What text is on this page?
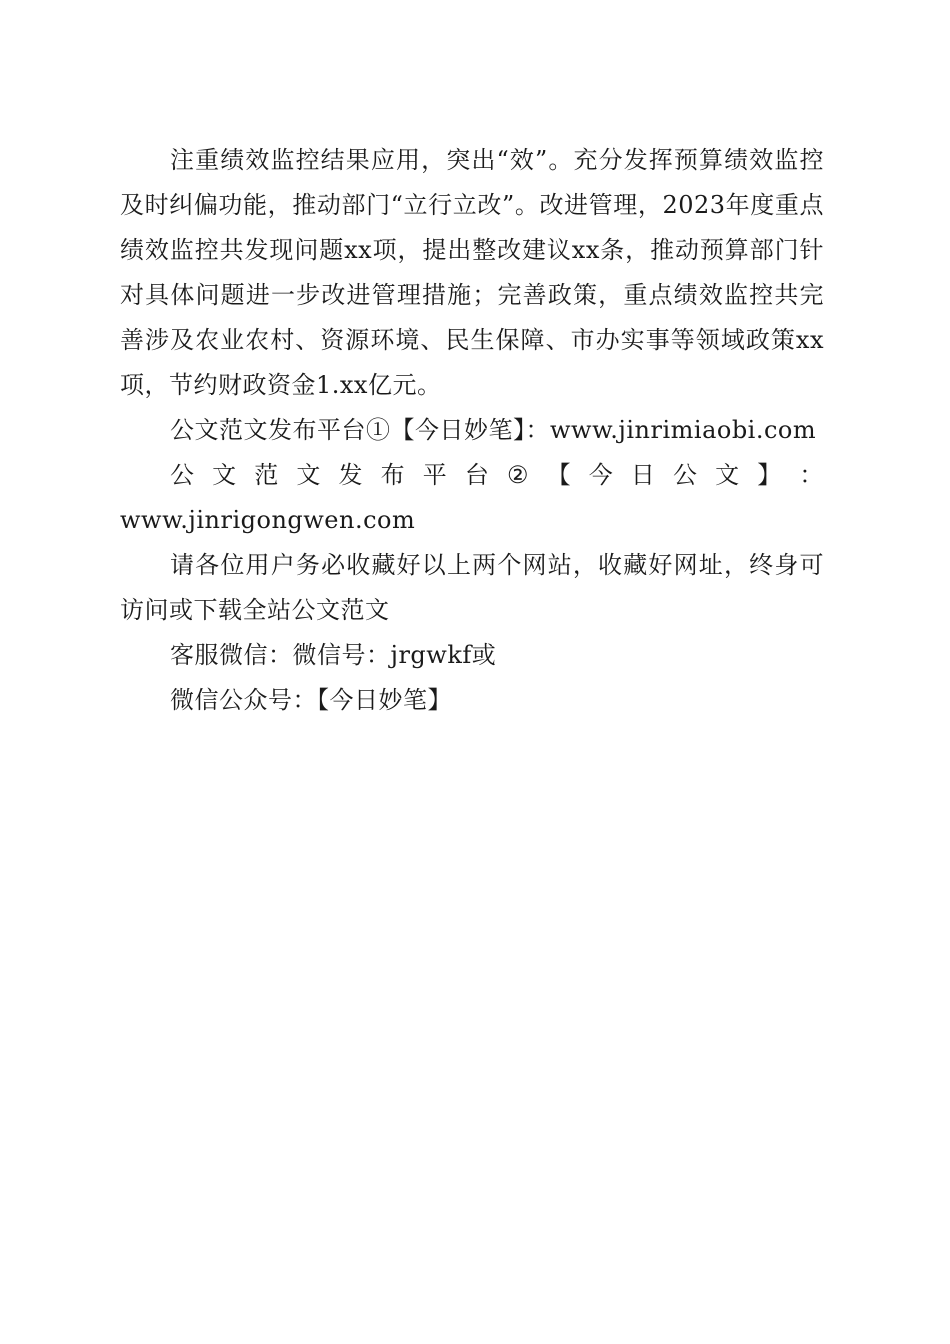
注重绩效监控结果应用，突出“效”。充分发挥预算绩效监控及时纠偏功能，推动部门“立行立改”。改进管理，2023年度重点绩效监控共发现问题xx项，提出整改建议xx条，推动预算部门针对具体问题进一步改进管理措施；完善政策，重点绩效监控共完善涉及农业农村、资源环境、民生保障、市办实事等领域政策xx项，节约财政资金1.xx亿元。

公文范文发布平台①【今日妙笔】：www.jinrimiaobi.com

公 文 范 文 发 布 平 台 ② 【 今 日 公 文 】 ：

www.jinrigongwen.com

请各位用户务必收藏好以上两个网站，收藏好网址，终身可访问或下载全站公文范文

客服微信：微信号：jrgwkf或

微信公众号：【今日妙笔】
